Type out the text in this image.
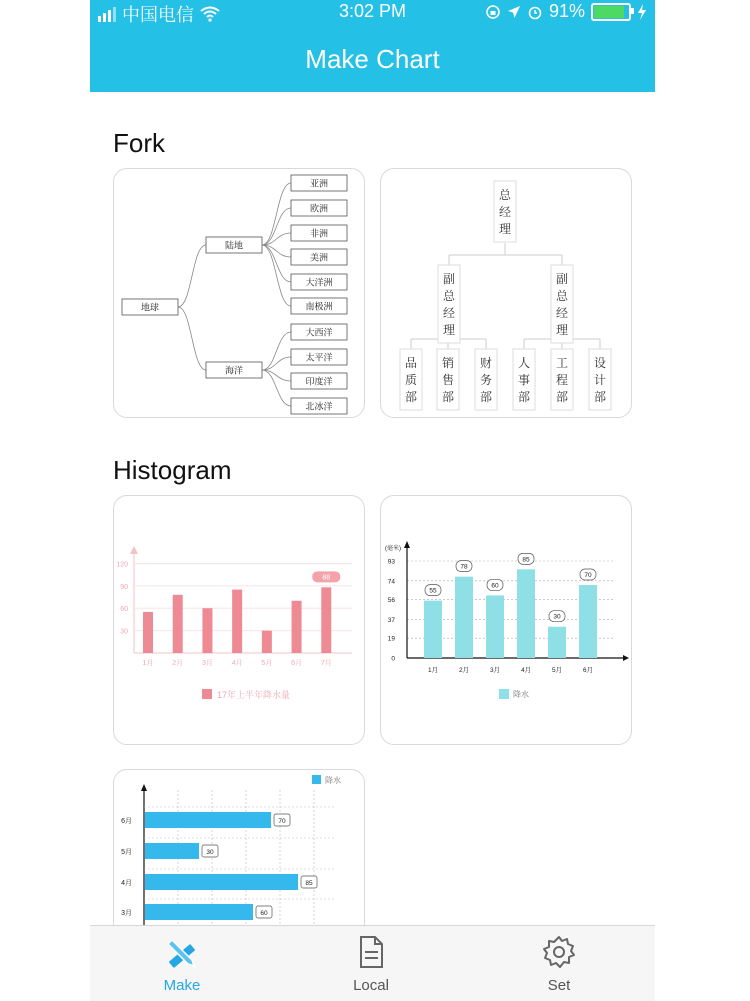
中国电信	3:02 PM	91%
Make Chart
Fork
地球
陆地
海洋
亚洲
欧洲
非洲
美洲
大洋洲
南极洲
大西洋
太平洋
印度洋
北冰洋
总
经
理
副
总
经
理
副
总
经
理
品
质
部
销
售
部
财
务
部
人
事
部
工
程
部
设
计
部
Histogram
30
60
90
120
1月	2月	3月	4月	5月	6月	7月
88
17年上半年降水量
(毫米)
0
19
37
56
74
93
1月
55
2月
78
3月
60
4月
85
5月
30
6月
70
降水
降水
6月	70
5月	30
4月	85
3月	60
Make	Local	Set
